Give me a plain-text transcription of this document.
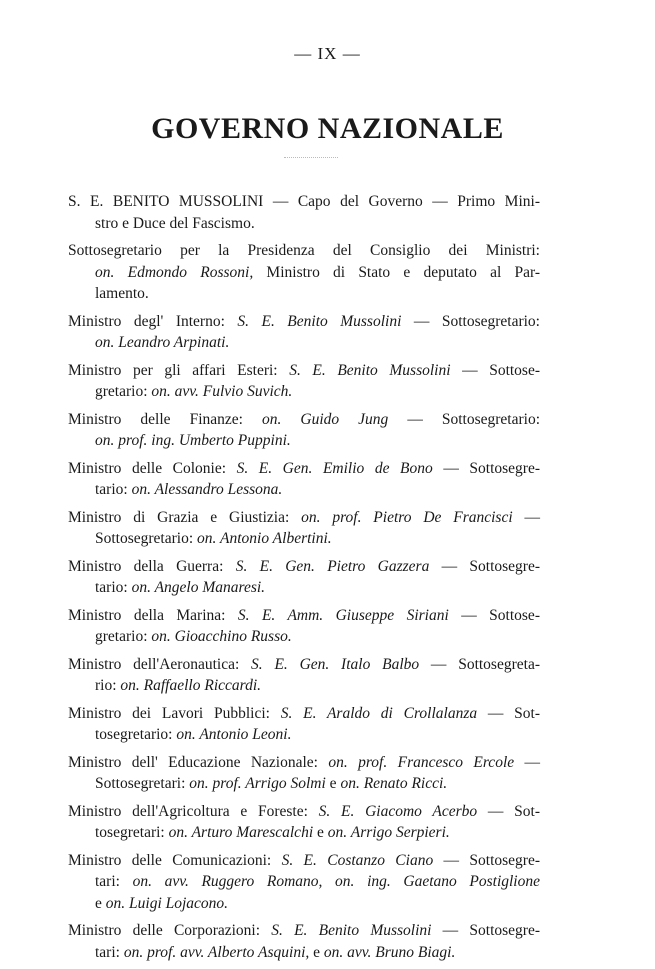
— IX —
GOVERNO NAZIONALE
S. E. BENITO MUSSOLINI — Capo del Governo — Primo Mini-
stro e Duce del Fascismo.
Sottosegretario per la Presidenza del Consiglio dei Ministri:
on. Edmondo Rossoni, Ministro di Stato e deputato al Par-
lamento.
Ministro degl' Interno: S. E. Benito Mussolini — Sottosegretario:
on. Leandro Arpinati.
Ministro per gli affari Esteri: S. E. Benito Mussolini — Sottose-
gretario: on. avv. Fulvio Suvich.
Ministro delle Finanze: on. Guido Jung — Sottosegretario:
on. prof. ing. Umberto Puppini.
Ministro delle Colonie: S. E. Gen. Emilio de Bono — Sottosegre-
tario: on. Alessandro Lessona.
Ministro di Grazia e Giustizia: on. prof. Pietro De Francisci —
Sottosegretario: on. Antonio Albertini.
Ministro della Guerra: S. E. Gen. Pietro Gazzera — Sottosegre-
tario: on. Angelo Manaresi.
Ministro della Marina: S. E. Amm. Giuseppe Siriani — Sottose-
gretario: on. Gioacchino Russo.
Ministro dell'Aeronautica: S. E. Gen. Italo Balbo — Sottosegreta-
rio: on. Raffaello Riccardi.
Ministro dei Lavori Pubblici: S. E. Araldo di Crollalanza — Sot-
tosegretario: on. Antonio Leoni.
Ministro dell' Educazione Nazionale: on. prof. Francesco Ercole —
Sottosegretari: on. prof. Arrigo Solmi e on. Renato Ricci.
Ministro dell'Agricoltura e Foreste: S. E. Giacomo Acerbo — Sot-
tosegretari: on. Arturo Marescalchi e on. Arrigo Serpieri.
Ministro delle Comunicazioni: S. E. Costanzo Ciano — Sottosegre-
tari: on. avv. Ruggero Romano, on. ing. Gaetano Postiglione
e on. Luigi Lojacono.
Ministro delle Corporazioni: S. E. Benito Mussolini — Sottosegre-
tari: on. prof. avv. Alberto Asquini, e on. avv. Bruno Biagi.
